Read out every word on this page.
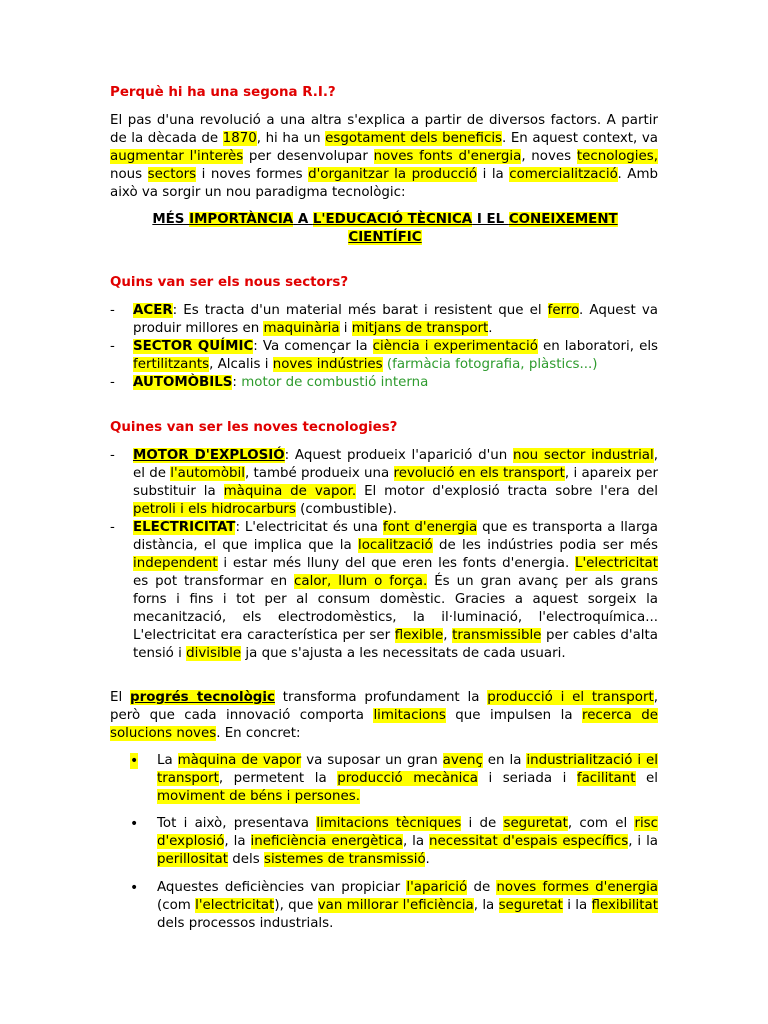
Perquè hi ha una segona R.I.?
El pas d'una revolució a una altra s'explica a partir de diversos factors. A partir de la dècada de 1870, hi ha un esgotament dels beneficis. En aquest context, va augmentar l'interès per desenvolupar noves fonts d'energia, noves tecnologies, nous sectors i noves formes d'organitzar la producció i la comercialització. Amb això va sorgir un nou paradigma tecnològic:
MÉS IMPORTÀNCIA A L'EDUCACIÓ TÈCNICA I EL CONEIXEMENT CIENTÍFIC
Quins van ser els nous sectors?
- ACER: Es tracta d'un material més barat i resistent que el ferro. Aquest va produir millores en maquinària i mitjans de transport.
- SECTOR QUÍMIC: Va començar la ciència i experimentació en laboratori, els fertilitzants, Alcalis i noves indústries (farmàcia fotografia, plàstics...)
- AUTOMÒBILS: motor de combustió interna
Quines van ser les noves tecnologies?
- MOTOR D'EXPLOSIÓ: Aquest produeix l'aparició d'un nou sector industrial, el de l'automòbil, també produeix una revolució en els transport, i apareix per substituir la màquina de vapor. El motor d'explosió tracta sobre l'era del petroli i els hidrocarburs (combustible).
- ELECTRICITAT: L'electricitat és una font d'energia que es transporta a llarga distància, el que implica que la localització de les indústries podia ser més independent i estar més lluny del que eren les fonts d'energia. L'electricitat es pot transformar en calor, llum o força. És un gran avanç per als grans forns i fins i tot per al consum domèstic. Gracies a aquest sorgeix la mecanització, els electrodomèstics, la il·luminació, l'electroquímica... L'electricitat era característica per ser flexible, transmissible per cables d'alta tensió i divisible ja que s'ajusta a les necessitats de cada usuari.
El progrés tecnològic transforma profundament la producció i el transport, però que cada innovació comporta limitacions que impulsen la recerca de solucions noves. En concret:
• La màquina de vapor va suposar un gran avenç en la industrialització i el transport, permetent la producció mecànica i seriada i facilitant el moviment de béns i persones.
• Tot i això, presentava limitacions tècniques i de seguretat, com el risc d'explosió, la ineficiència energètica, la necessitat d'espais específics, i la perillositat dels sistemes de transmissió.
• Aquestes deficiències van propiciar l'aparició de noves formes d'energia (com l'electricitat), que van millorar l'eficiència, la seguretat i la flexibilitat dels processos industrials.
